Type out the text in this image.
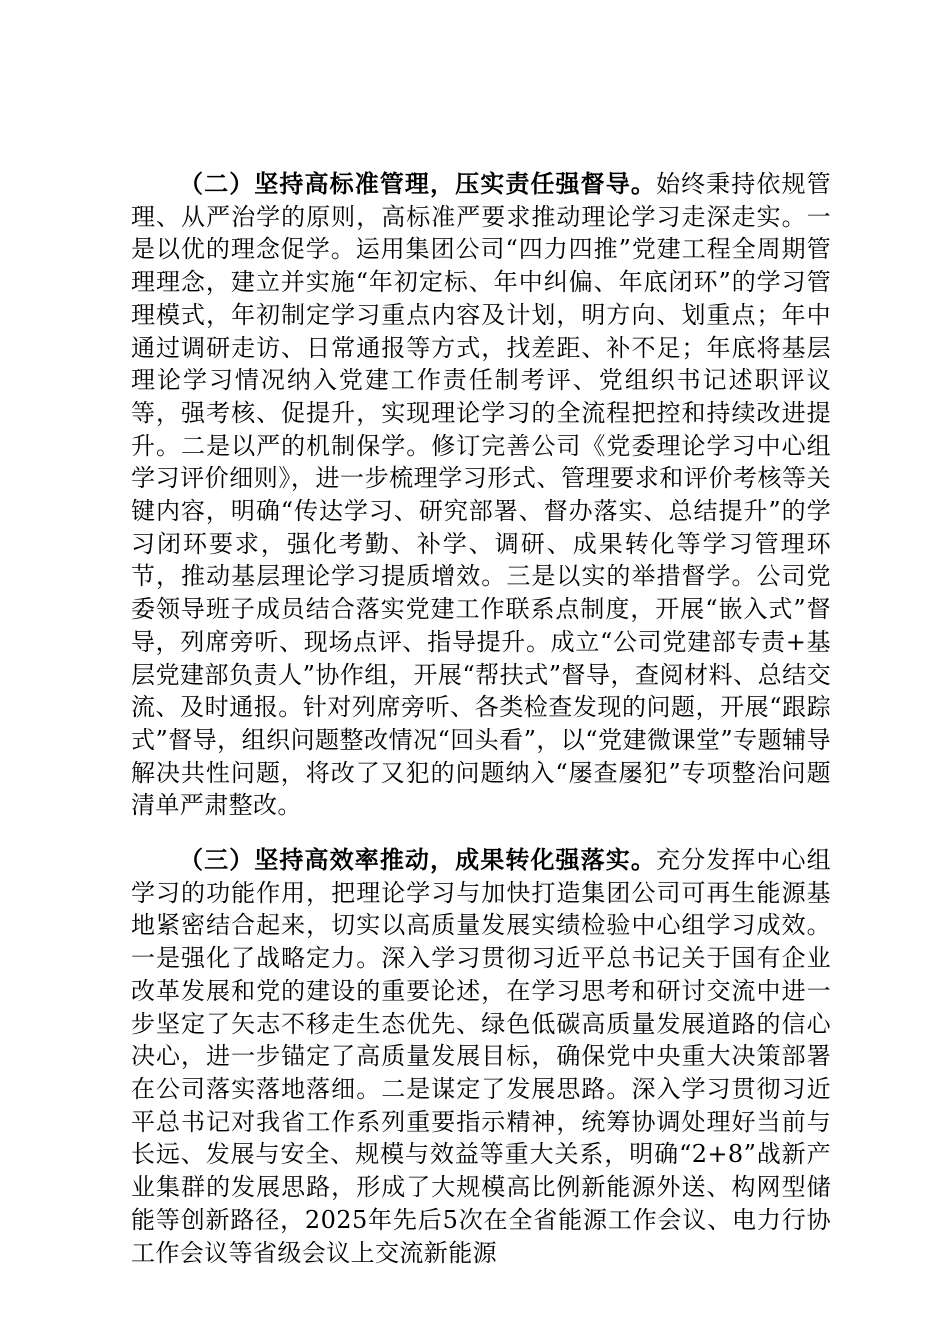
（二）坚持高标准管理，压实责任强督导。始终秉持依规管理、从严治学的原则，高标准严要求推动理论学习走深走实。一是以优的理念促学。运用集团公司“四力四推”党建工程全周期管理理念，建立并实施“年初定标、年中纠偏、年底闭环”的学习管理模式，年初制定学习重点内容及计划，明方向、划重点；年中通过调研走访、日常通报等方式，找差距、补不足；年底将基层理论学习情况纳入党建工作责任制考评、党组织书记述职评议等，强考核、促提升，实现理论学习的全流程把控和持续改进提升。二是以严的机制保学。修订完善公司《党委理论学习中心组学习评价细则》，进一步梳理学习形式、管理要求和评价考核等关键内容，明确“传达学习、研究部署、督办落实、总结提升”的学习闭环要求，强化考勤、补学、调研、成果转化等学习管理环节，推动基层理论学习提质增效。三是以实的举措督学。公司党委领导班子成员结合落实党建工作联系点制度，开展“嵌入式”督导，列席旁听、现场点评、指导提升。成立“公司党建部专责+基层党建部负责人”协作组，开展“帮扶式”督导，查阅材料、总结交流、及时通报。针对列席旁听、各类检查发现的问题，开展“跟踪式”督导，组织问题整改情况“回头看”，以“党建微课堂”专题辅导解决共性问题，将改了又犯的问题纳入“屡查屡犯”专项整治问题清单严肃整改。

（三）坚持高效率推动，成果转化强落实。充分发挥中心组学习的功能作用，把理论学习与加快打造集团公司可再生能源基地紧密结合起来，切实以高质量发展实绩检验中心组学习成效。一是强化了战略定力。深入学习贯彻习近平总书记关于国有企业改革发展和党的建设的重要论述，在学习思考和研讨交流中进一步坚定了矢志不移走生态优先、绿色低碳高质量发展道路的信心决心，进一步锚定了高质量发展目标，确保党中央重大决策部署在公司落实落地落细。二是谋定了发展思路。深入学习贯彻习近平总书记对我省工作系列重要指示精神，统筹协调处理好当前与长远、发展与安全、规模与效益等重大关系，明确“2+8”战新产业集群的发展思路，形成了大规模高比例新能源外送、构网型储能等创新路径，2025年先后5次在全省能源工作会议、电力行协工作会议等省级会议上交流新能源
